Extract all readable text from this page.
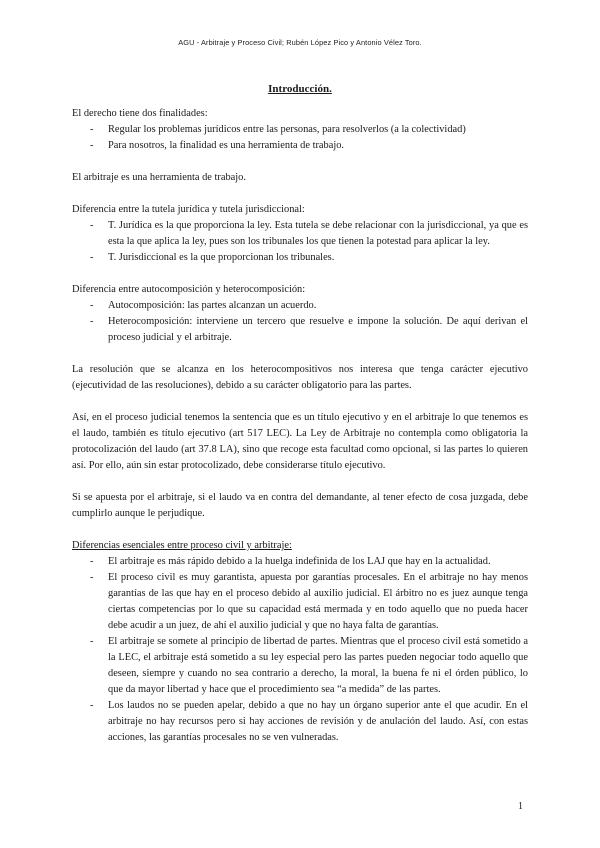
AGU - Arbitraje y Proceso Civil; Rubén López Pico y Antonio Vélez Toro.
Introducción.

El derecho tiene dos finalidades:

- Regular los problemas jurídicos entre las personas, para resolverlos (a la colectividad)
- Para nosotros, la finalidad es una herramienta de trabajo.

El arbitraje es una herramienta de trabajo.

Diferencia entre la tutela jurídica y tutela jurisdiccional:

- T. Jurídica es la que proporciona la ley. Esta tutela se debe relacionar con la jurisdiccional, ya que es esta la que aplica la ley, pues son los tribunales los que tienen la potestad para aplicar la ley.
- T. Jurisdiccional es la que proporcionan los tribunales.

Diferencia entre autocomposición y heterocomposición:

- Autocomposición: las partes alcanzan un acuerdo.
- Heterocomposición: interviene un tercero que resuelve e impone la solución. De aquí derivan el proceso judicial y el arbitraje.

La resolución que se alcanza en los heterocompositivos nos interesa que tenga carácter ejecutivo (ejecutividad de las resoluciones), debido a su carácter obligatorio para las partes.

Así, en el proceso judicial tenemos la sentencia que es un título ejecutivo y en el arbitraje lo que tenemos es el laudo, también es título ejecutivo (art 517 LEC). La Ley de Arbitraje no contempla como obligatoria la protocolización del laudo (art 37.8 LA), sino que recoge esta facultad como opcional, si las partes lo quieren así. Por ello, aún sin estar protocolizado, debe considerarse título ejecutivo.

Si se apuesta por el arbitraje, si el laudo va en contra del demandante, al tener efecto de cosa juzgada, debe cumplirlo aunque le perjudique.

Diferencias esenciales entre proceso civil y arbitraje:

- El arbitraje es más rápido debido a la huelga indefinida de los LAJ que hay en la actualidad.
- El proceso civil es muy garantista, apuesta por garantías procesales. En el arbitraje no hay menos garantías de las que hay en el proceso debido al auxilio judicial. El árbitro no es juez aunque tenga ciertas competencias por lo que su capacidad está mermada y en todo aquello que no pueda hacer debe acudir a un juez, de ahí el auxilio judicial y que no haya falta de garantías.
- El arbitraje se somete al principio de libertad de partes. Mientras que el proceso civil está sometido a la LEC, el arbitraje está sometido a su ley especial pero las partes pueden negociar todo aquello que deseen, siempre y cuando no sea contrario a derecho, la moral, la buena fe ni el órden público, lo que da mayor libertad y hace que el procedimiento sea “a medida” de las partes.
- Los laudos no se pueden apelar, debido a que no hay un órgano superior ante el que acudir. En el arbitraje no hay recursos pero si hay acciones de revisión y de anulación del laudo. Así, con estas acciones, las garantías procesales no se ven vulneradas.
1
